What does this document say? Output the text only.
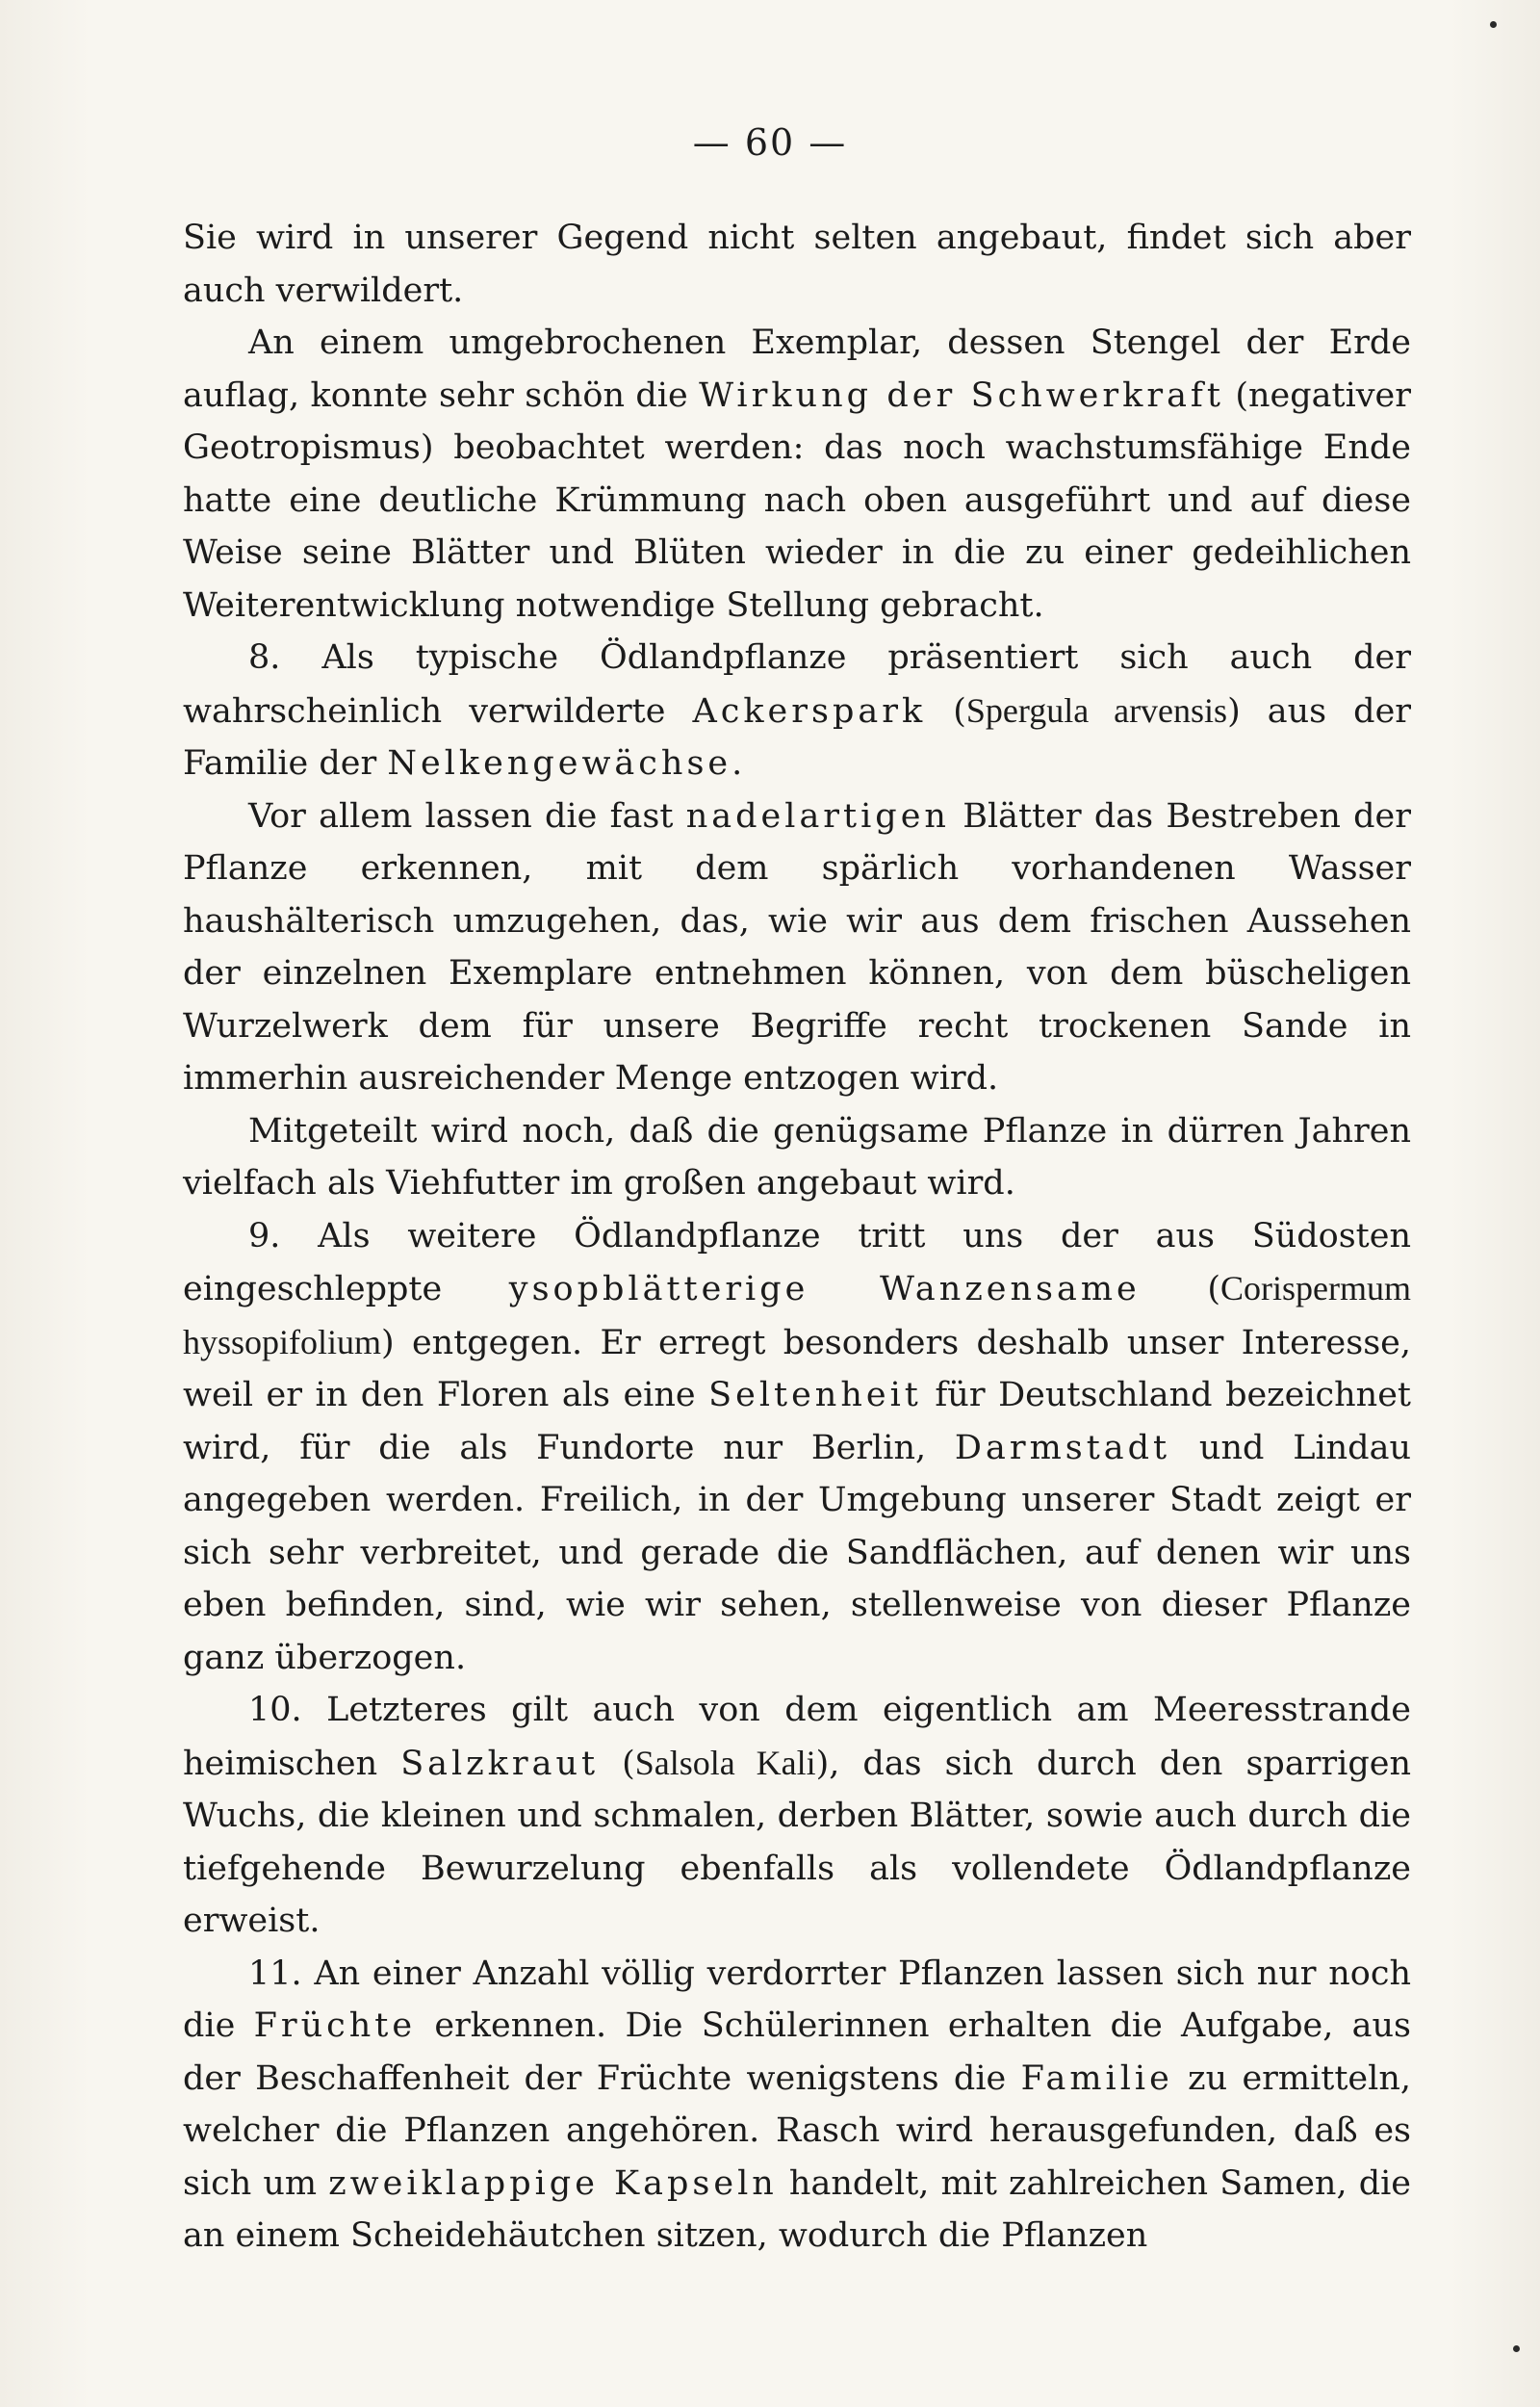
— 60 —

Sie wird in unserer Gegend nicht selten angebaut, findet sich aber auch verwildert.

An einem umgebrochenen Exemplar, dessen Stengel der Erde auflag, konnte sehr schön die Wirkung der Schwerkraft (negativer Geotropismus) beobachtet werden: das noch wachstumsfähige Ende hatte eine deutliche Krümmung nach oben ausgeführt und auf diese Weise seine Blätter und Blüten wieder in die zu einer gedeihlichen Weiterentwicklung notwendige Stellung gebracht.

8. Als typische Ödlandpflanze präsentiert sich auch der wahrscheinlich verwilderte Ackerspark (Spergula arvensis) aus der Familie der Nelkengewächse.

Vor allem lassen die fast nadelartigen Blätter das Bestreben der Pflanze erkennen, mit dem spärlich vorhandenen Wasser haushälterisch umzugehen, das, wie wir aus dem frischen Aussehen der einzelnen Exemplare entnehmen können, von dem büscheligen Wurzelwerk dem für unsere Begriffe recht trockenen Sande in immerhin ausreichender Menge entzogen wird.

Mitgeteilt wird noch, daß die genügsame Pflanze in dürren Jahren vielfach als Viehfutter im großen angebaut wird.

9. Als weitere Ödlandpflanze tritt uns der aus Südosten eingeschleppte ysopblätterige Wanzensame (Corispermum hyssopifolium) entgegen. Er erregt besonders deshalb unser Interesse, weil er in den Floren als eine Seltenheit für Deutschland bezeichnet wird, für die als Fundorte nur Berlin, Darmstadt und Lindau angegeben werden. Freilich, in der Umgebung unserer Stadt zeigt er sich sehr verbreitet, und gerade die Sandflächen, auf denen wir uns eben befinden, sind, wie wir sehen, stellenweise von dieser Pflanze ganz überzogen.

10. Letzteres gilt auch von dem eigentlich am Meeresstrande heimischen Salzkraut (Salsola Kali), das sich durch den sparrigen Wuchs, die kleinen und schmalen, derben Blätter, sowie auch durch die tiefgehende Bewurzelung ebenfalls als vollendete Ödlandpflanze erweist.

11. An einer Anzahl völlig verdorrter Pflanzen lassen sich nur noch die Früchte erkennen. Die Schülerinnen erhalten die Aufgabe, aus der Beschaffenheit der Früchte wenigstens die Familie zu ermitteln, welcher die Pflanzen angehören. Rasch wird herausgefunden, daß es sich um zweiklappige Kapseln handelt, mit zahlreichen Samen, die an einem Scheidehäutchen sitzen, wodurch die Pflanzen
